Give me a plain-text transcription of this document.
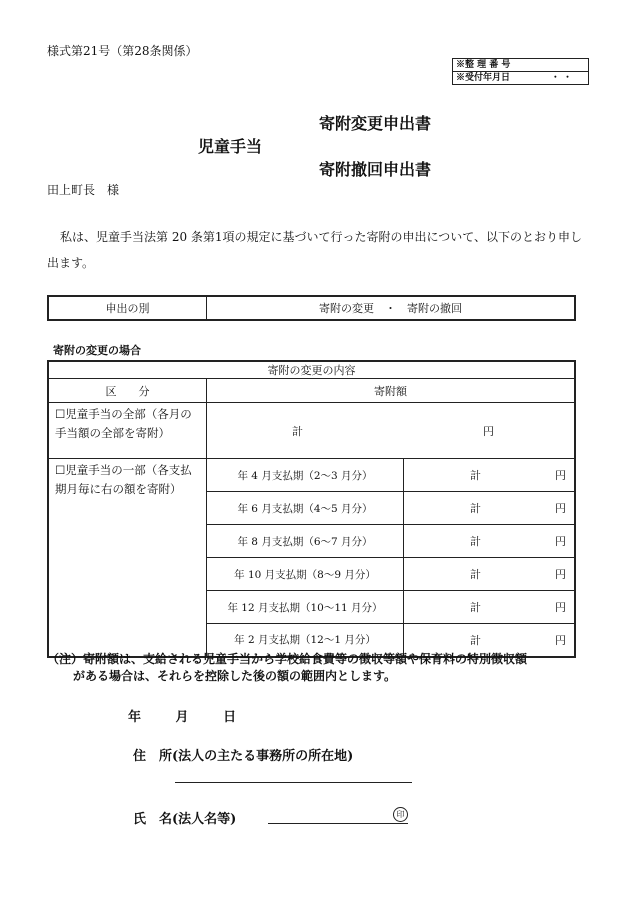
様式第21号（第28条関係）
※整 理 番 号
※受付年月日	・ ・
寄附変更申出書
児童手当
寄附撤回申出書
田上町長　様
私は、児童手当法第 20 条第1項の規定に基づいて行った寄附の申出について、以下のとおり申し出ます。
申出の別	寄附の変更　・　寄附の撤回
寄附の変更の場合
寄附の変更の内容		
区　　分	寄附額	
☐児童手当の全部（各月の手当額の全部を寄附）	計 円	

☐児童手当の一部（各支払期月毎に右の額を寄附）	年 4 月支払期（2～3 月分）	計 円

	年 6 月支払期（4～5 月分）	計 円

	年 8 月支払期（6～7 月分）	計 円

	年 10 月支払期（8～9 月分）	計 円

	年 12 月支払期（10～11 月分）	計 円

	年 2 月支払期（12～1 月分）	計 円
（注）寄附額は、支給される児童手当から学校給食費等の徴収等額や保育料の特別徴収額
がある場合は、それらを控除した後の額の範囲内とします。
年	月	日
住　所(法人の主たる事務所の所在地)
氏　名(法人名等)	印
